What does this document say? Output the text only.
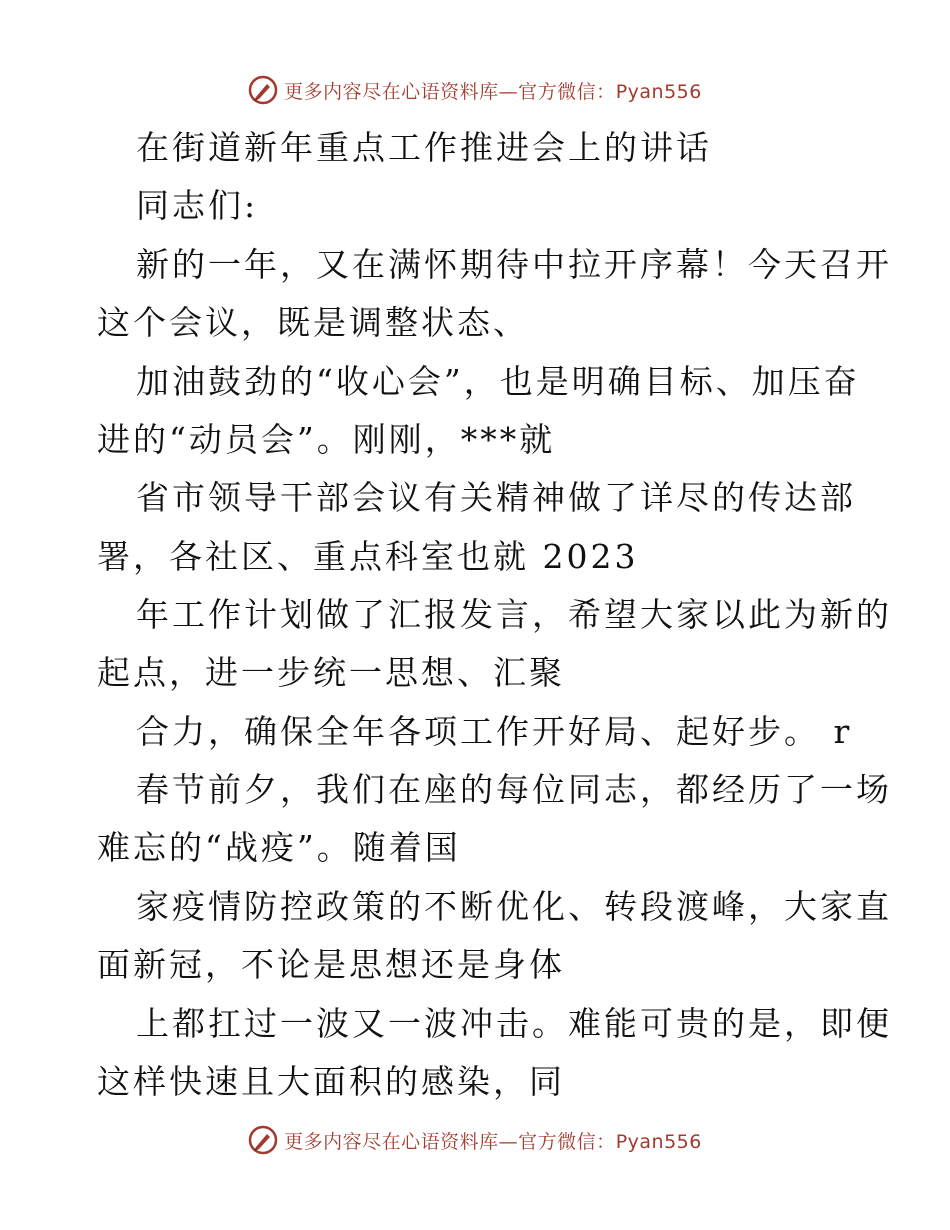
更多内容尽在心语资料库—官方微信：Pyan556
在街道新年重点工作推进会上的讲话
同志们:
新的一年，又在满怀期待中拉开序幕！今天召开
这个会议，既是调整状态、
加油鼓劲的“收心会”，也是明确目标、加压奋
进的“动员会”。刚刚，***就
省市领导干部会议有关精神做了详尽的传达部
署，各社区、重点科室也就 2023
年工作计划做了汇报发言，希望大家以此为新的
起点，进一步统一思想、汇聚
合力，确保全年各项工作开好局、起好步。 r
春节前夕，我们在座的每位同志，都经历了一场
难忘的“战疫”。随着国
家疫情防控政策的不断优化、转段渡峰，大家直
面新冠，不论是思想还是身体
上都扛过一波又一波冲击。难能可贵的是，即便
这样快速且大面积的感染，同
更多内容尽在心语资料库—官方微信：Pyan556
